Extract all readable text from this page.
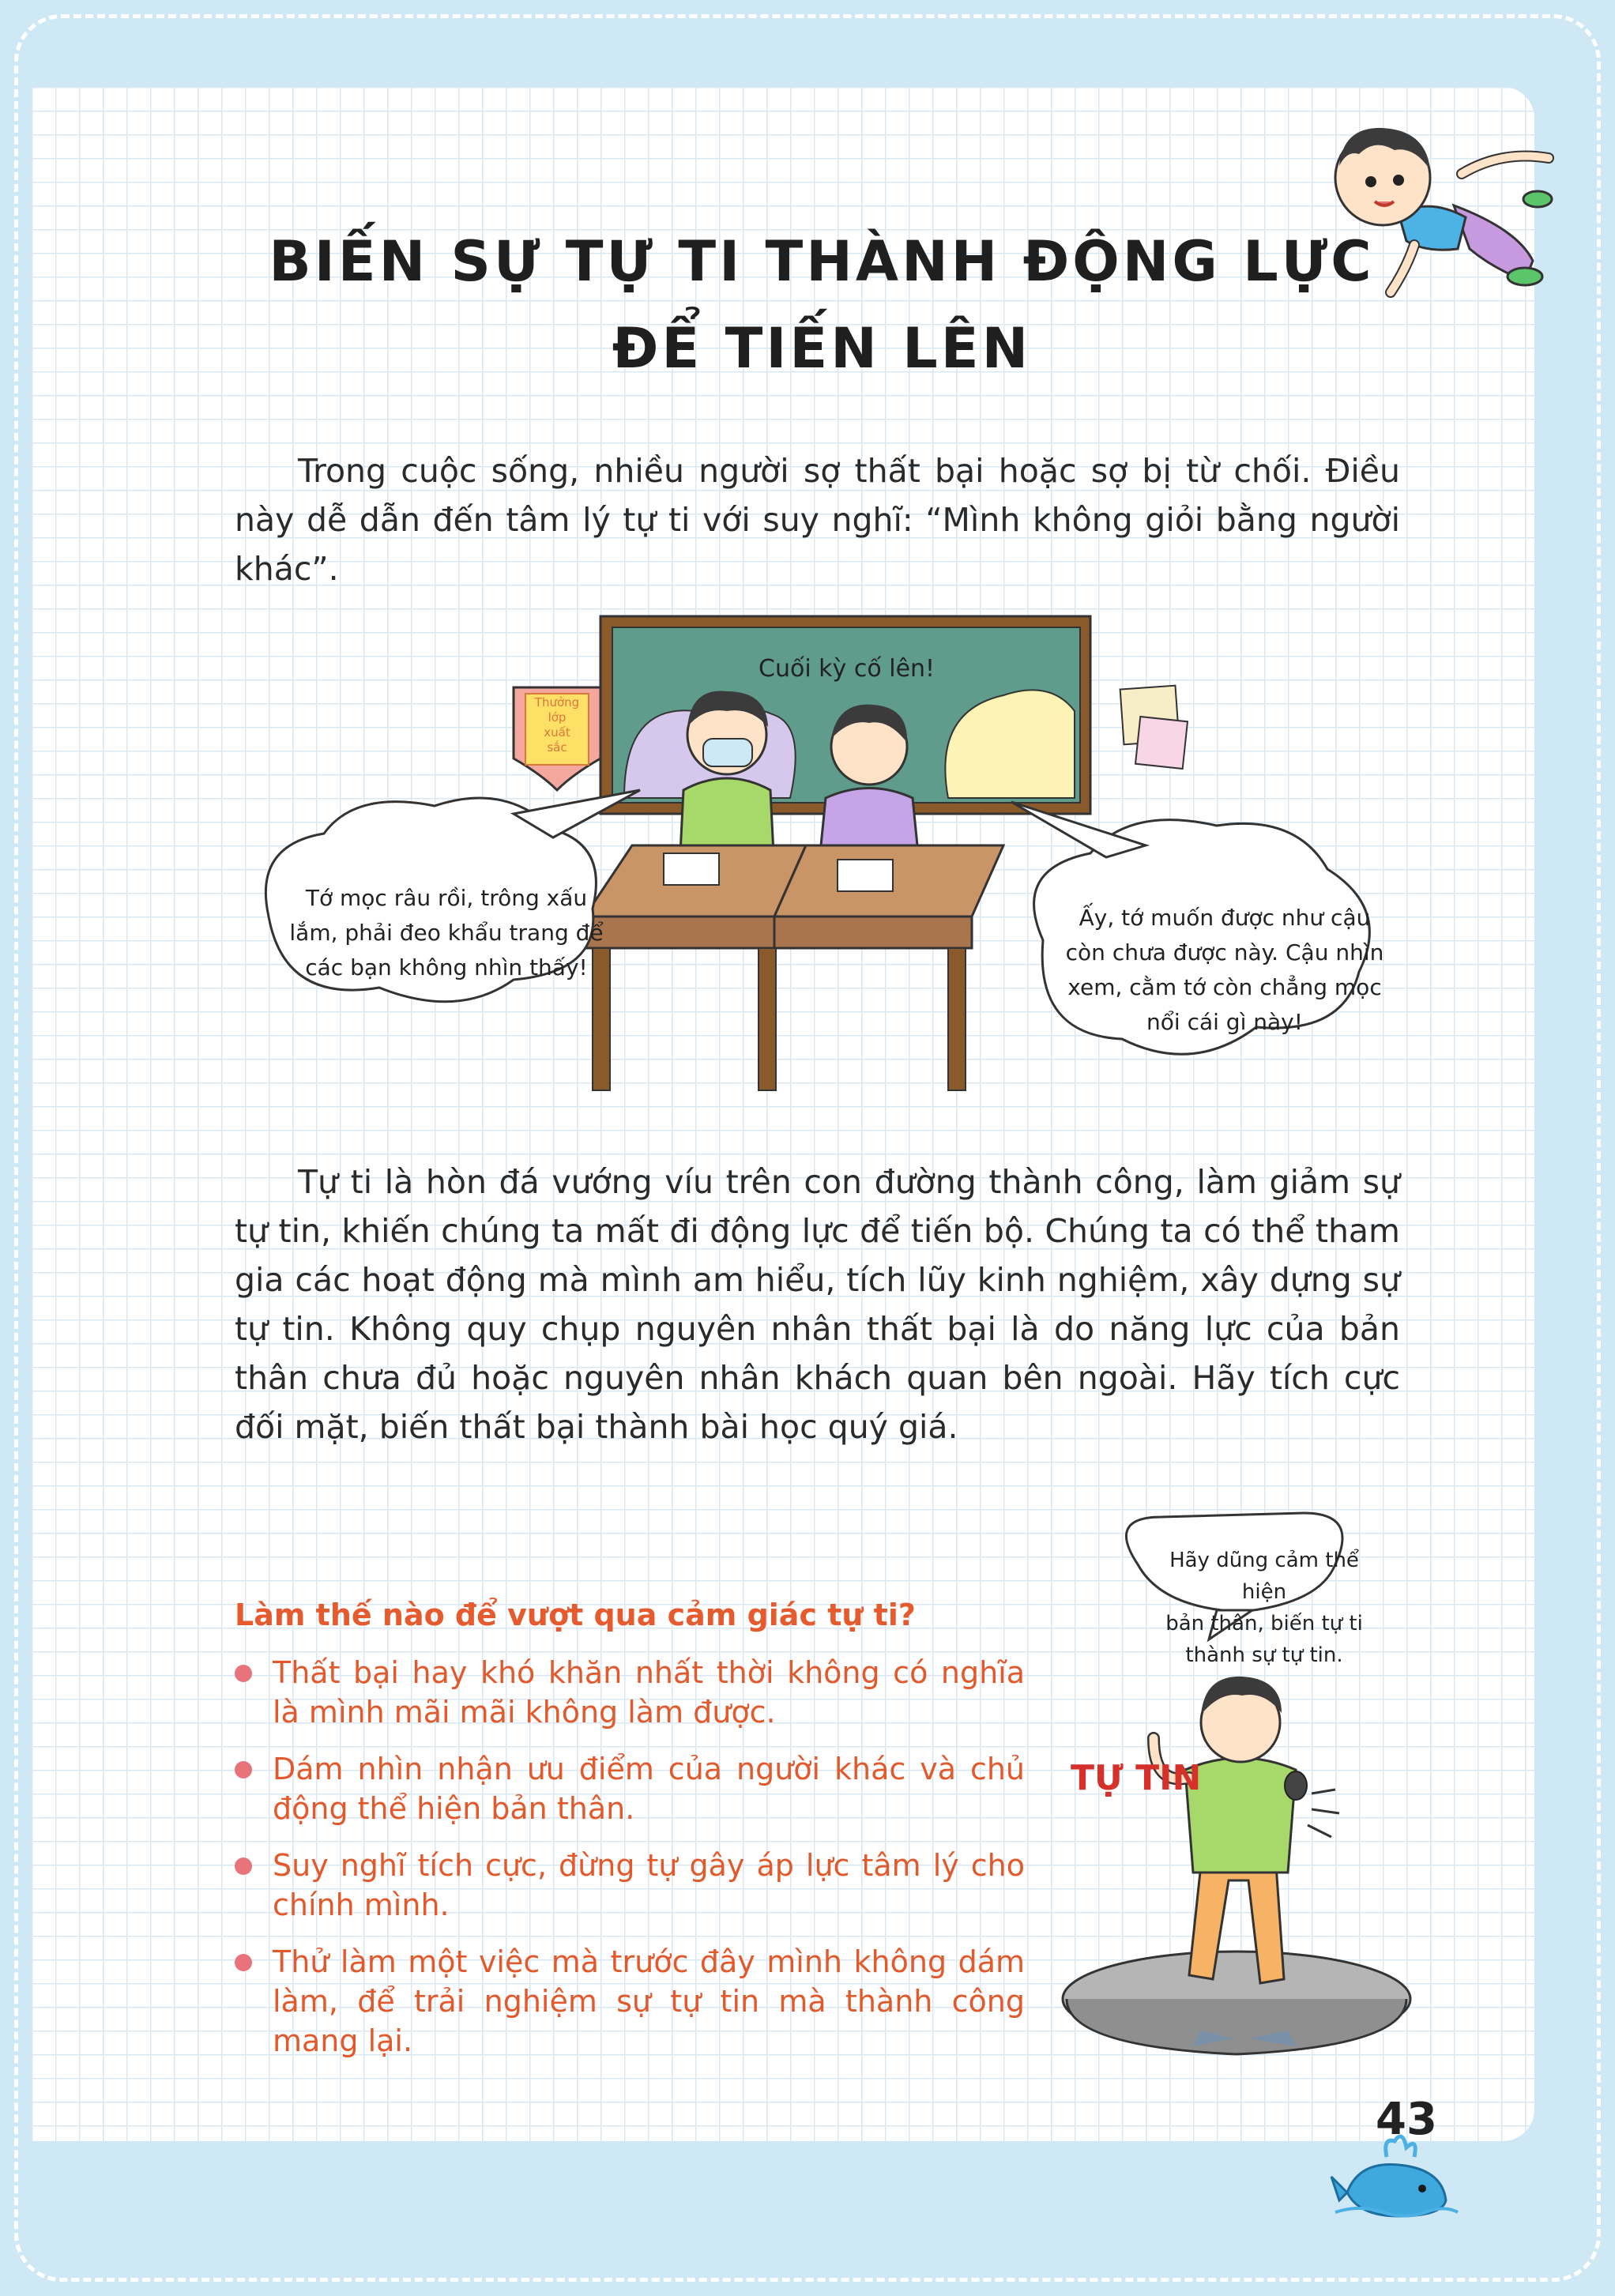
BIẾN SỰ TỰ TI THÀNH ĐỘNG LỰC
ĐỂ TIẾN LÊN

Trong cuộc sống, nhiều người sợ thất bại hoặc sợ bị từ chối. Điều này dễ dẫn đến tâm lý tự ti với suy nghĩ: “Mình không giỏi bằng người khác”.

Cuối kỳ cố lên!
Thưởng
lớp
xuất
sắc
Tớ mọc râu rồi, trông xấu
lắm, phải đeo khẩu trang để
các bạn không nhìn thấy!
Ấy, tớ muốn được như cậu
còn chưa được này. Cậu nhìn
xem, cằm tớ còn chẳng mọc
nổi cái gì này!

Tự ti là hòn đá vướng víu trên con đường thành công, làm giảm sự tự tin, khiến chúng ta mất đi động lực để tiến bộ. Chúng ta có thể tham gia các hoạt động mà mình am hiểu, tích lũy kinh nghiệm, xây dựng sự tự tin. Không quy chụp nguyên nhân thất bại là do năng lực của bản thân chưa đủ hoặc nguyên nhân khách quan bên ngoài. Hãy tích cực đối mặt, biến thất bại thành bài học quý giá.

Làm thế nào để vượt qua cảm giác tự ti?
Thất bại hay khó khăn nhất thời không có nghĩa là mình mãi mãi không làm được.
Dám nhìn nhận ưu điểm của người khác và chủ động thể hiện bản thân.
Suy nghĩ tích cực, đừng tự gây áp lực tâm lý cho chính mình.
Thử làm một việc mà trước đây mình không dám làm, để trải nghiệm sự tự tin mà thành công mang lại.
Hãy dũng cảm thể hiện
bản thân, biến tự ti
thành sự tự tin.
TỰ TIN
43
